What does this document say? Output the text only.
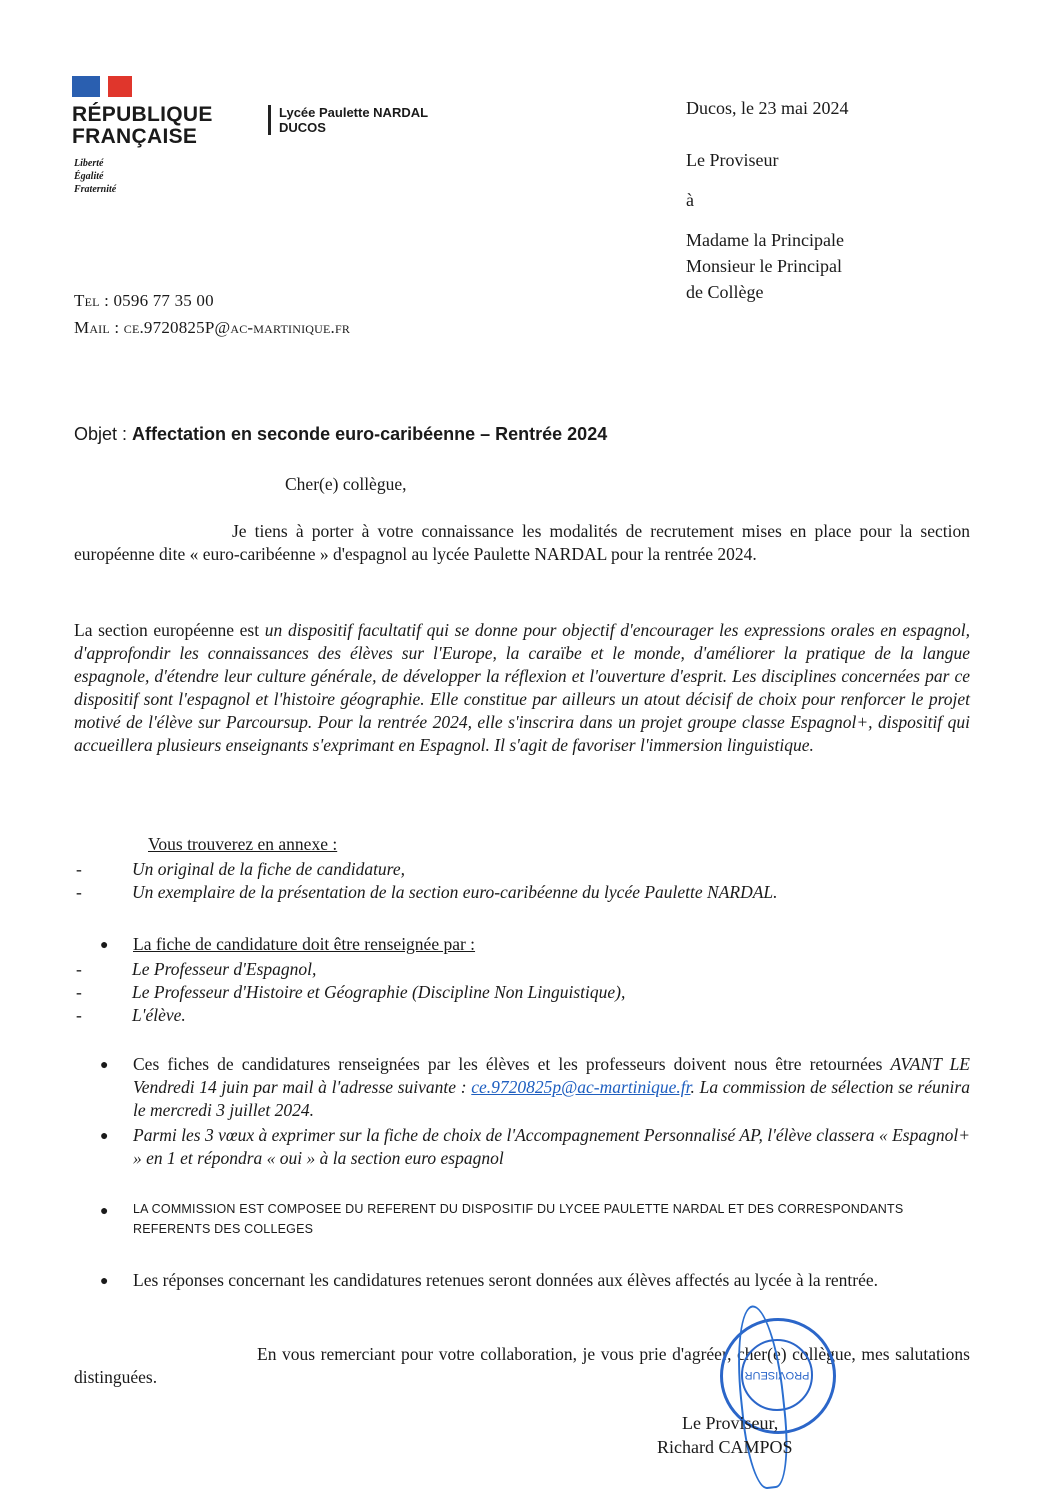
RÉPUBLIQUE
FRANÇAISE
Liberté
Égalité
Fraternité
Lycée Paulette NARDAL
DUCOS
Ducos, le 23 mai 2024
Le Proviseur
à
Madame la Principale
Monsieur le Principal
de Collège
Tel : 0596 77 35 00
Mail : ce.9720825P@ac-martinique.fr
Objet : Affectation en seconde euro-caribéenne – Rentrée 2024
Cher(e) collègue,
Je tiens à porter à votre connaissance les modalités de recrutement mises en place pour la section européenne dite « euro-caribéenne » d'espagnol au lycée Paulette NARDAL pour la rentrée 2024.
La section européenne est un dispositif facultatif qui se donne pour objectif d'encourager les expressions orales en espagnol, d'approfondir les connaissances des élèves sur l'Europe, la caraïbe et le monde, d'améliorer la pratique de la langue espagnole, d'étendre leur culture générale, de développer la réflexion et l'ouverture d'esprit. Les disciplines concernées par ce dispositif sont l'espagnol et l'histoire géographie. Elle constitue par ailleurs un atout décisif de choix pour renforcer le projet motivé de l'élève sur Parcoursup. Pour la rentrée 2024, elle s'inscrira dans un projet groupe classe Espagnol+, dispositif qui accueillera plusieurs enseignants s'exprimant en Espagnol. Il s'agit de favoriser l'immersion linguistique.
Vous trouverez en annexe :
- Un original de la fiche de candidature,
- Un exemplaire de la présentation de la section euro-caribéenne du lycée Paulette NARDAL.
● La fiche de candidature doit être renseignée par :
- Le Professeur d'Espagnol,
- Le Professeur d'Histoire et Géographie (Discipline Non Linguistique),
- L'élève.
● Ces fiches de candidatures renseignées par les élèves et les professeurs doivent nous être retournées AVANT LE Vendredi 14 juin par mail à l'adresse suivante : ce.9720825p@ac-martinique.fr. La commission de sélection se réunira le mercredi 3 juillet 2024.
● Parmi les 3 vœux à exprimer sur la fiche de choix de l'Accompagnement Personnalisé AP, l'élève classera « Espagnol+ » en 1 et répondra « oui » à la section euro espagnol
● LA COMMISSION EST COMPOSEE DU REFERENT DU DISPOSITIF DU LYCEE PAULETTE NARDAL ET DES CORRESPONDANTS REFERENTS DES COLLEGES
● Les réponses concernant les candidatures retenues seront données aux élèves affectés au lycée à la rentrée.
En vous remerciant pour votre collaboration, je vous prie d'agréer, cher(e) collègue, mes salutations distinguées.	PROVISEUR
Le Proviseur,
Richard CAMPOS
